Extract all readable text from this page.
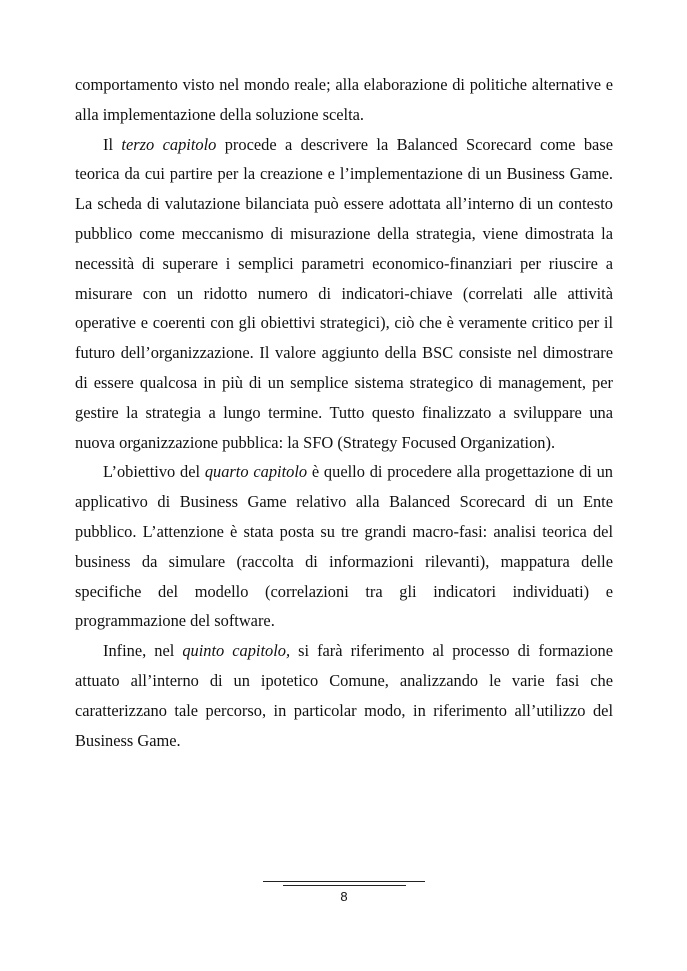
comportamento visto nel mondo reale; alla elaborazione di politiche alternative e alla implementazione della soluzione scelta.

Il terzo capitolo procede a descrivere la Balanced Scorecard come base teorica da cui partire per la creazione e l’implementazione di un Business Game. La scheda di valutazione bilanciata può essere adottata all’interno di un contesto pubblico come meccanismo di misurazione della strategia, viene dimostrata la necessità di superare i semplici parametri economico-finanziari per riuscire a misurare con un ridotto numero di indicatori-chiave (correlati alle attività operative e coerenti con gli obiettivi strategici), ciò che è veramente critico per il futuro dell’organizzazione. Il valore aggiunto della BSC consiste nel dimostrare di essere qualcosa in più di un semplice sistema strategico di management, per gestire la strategia a lungo termine. Tutto questo finalizzato a sviluppare una nuova organizzazione pubblica: la SFO (Strategy Focused Organization).

L’obiettivo del quarto capitolo è quello di procedere alla progettazione di un applicativo di Business Game relativo alla Balanced Scorecard di un Ente pubblico. L’attenzione è stata posta su tre grandi macro-fasi: analisi teorica del business da simulare (raccolta di informazioni rilevanti), mappatura delle specifiche del modello (correlazioni tra gli indicatori individuati) e programmazione del software.

Infine, nel quinto capitolo, si farà riferimento al processo di formazione attuato all’interno di un ipotetico Comune, analizzando le varie fasi che caratterizzano tale percorso, in particolar modo, in riferimento all’utilizzo del Business Game.

8
